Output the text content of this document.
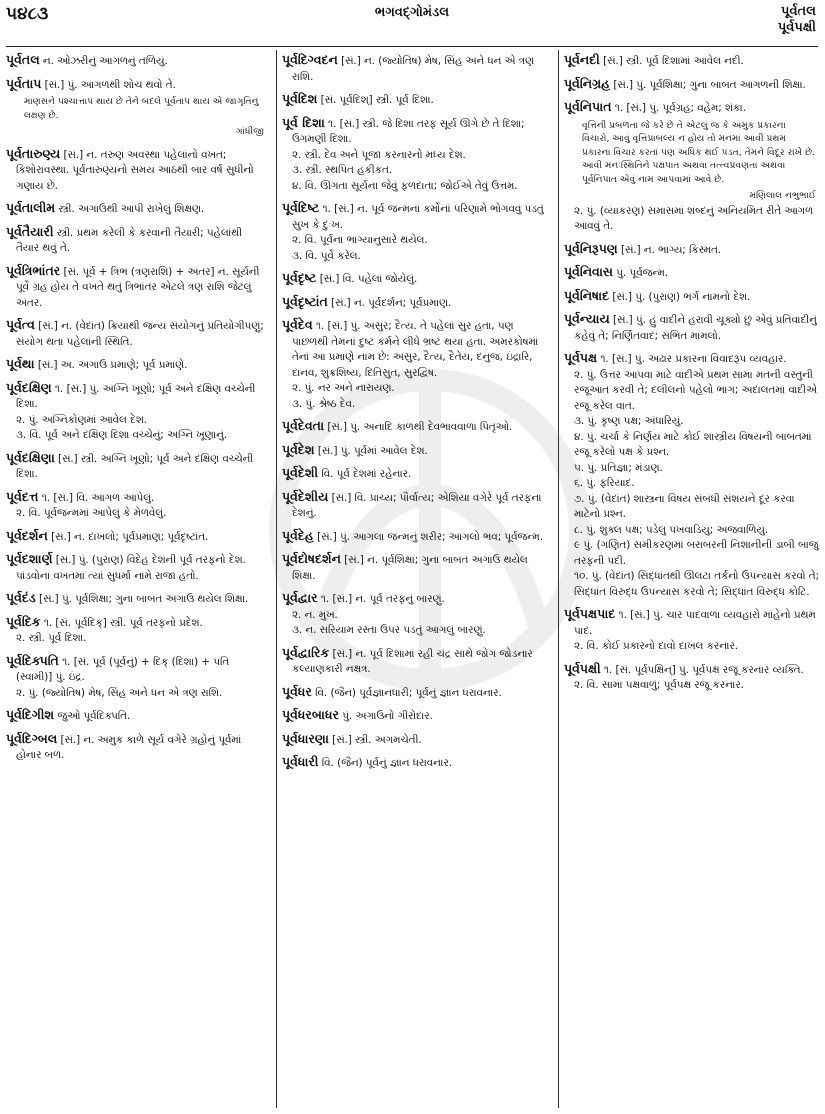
૫૪૮૩	ભગવદ્ગોમંડલ	પૂર્વતલ
પૂર્વપક્ષી
પૂર્વતલ ન. ઓઝરીનું આગળનું તળિયું.
પૂર્વતાપ [સં.] પું. આગળથી શોચ થવો તે.
માણસને પશ્ચાત્તાપ થાય છે તેને બદલે પૂર્વતાપ થાય એ જાગૃતિનું લક્ષણ છે.
ગાંધીજી
પૂર્વતારુણ્ય [સં.] ન. તરુણ અવસ્થા પહેલાંનો વખત; કિશોરાવસ્થા. પૂર્વતારુણ્યનો સમય આઠથી બાર વર્ષ સુધીનો ગણાય છે.
પૂર્વતાલીમ સ્ત્રી. અગાઉથી આપી રાખેલું શિક્ષણ.
પૂર્વતૈયારી સ્ત્રી. પ્રથમ કરેલી કે કરવાની તૈયારી; પહેલાંથી તૈયાર થવું તે.
પૂર્વત્રિભાંતર [સં. પૂર્વ + ત્રિભ (ત્રણરાશિ) + અંતર] ન. સૂર્યની પૂર્વે ગ્રહ હોય તે વખતે થતું ત્રિભાંતર એટલે ત્રણ રાશિ જેટલું અંતર.
પૂર્વત્વ [સં.] ન. (વેદાંત) ક્રિયાથી જન્ય સંયોગનું પ્રતિયોગીપણું; સંયોગ થતા પહેલાંની સ્થિતિ.
પૂર્વથા [સં.] અ. અગાઉ પ્રમાણે; પૂર્વ પ્રમાણે.
પૂર્વદક્ષિણ ૧. [સં.] પું. અગ્નિ ખૂણો; પૂર્વ અને દક્ષિણ વચ્ચેની દિશા.
૨. પું. અગ્નિકોણમાં આવેલ દેશ.
૩. વિ. પૂર્વ અને દક્ષિણ દિશા વચ્ચેનું; અગ્નિ ખૂણાનું.
પૂર્વદક્ષિણા [સં.] સ્ત્રી. અગ્નિ ખૂણો; પૂર્વ અને દક્ષિણ વચ્ચેની દિશા.
પૂર્વદત્ત ૧. [સં.] વિ. આગળ આપેલું.
૨. વિ. પૂર્વજન્મમાં આપેલું કે મેળવેલું.
પૂર્વદર્શન [સં.] ન. દાખલો; પૂર્વપ્રમાણ; પૂર્વદૃષ્ટાંત.
પૂર્વદશાર્ણ [સં.] પું. (પુરાણ) વિદેહ દેશની પૂર્વ તરફનો દેશ. પાંડવોના વખતમાં ત્યાં સુધર્મા નામે રાજા હતો.
પૂર્વદંડ [સં.] પું. પૂર્વશિક્ષા; ગુના બાબત અગાઉ થયેલ શિક્ષા.
પૂર્વદિક ૧. [સં. પૂર્વદિક્] સ્ત્રી. પૂર્વ તરફનો પ્રદેશ.
૨. સ્ત્રી. પૂર્વ દિશા.
પૂર્વદિક્પતિ ૧. [સં. પૂર્વ (પૂર્વનું) + દિક્ (દિશા) + પતિ (સ્વામી)] પું. ઇંદ્ર.
૨. પું. (જ્યોતિષ) મેષ, સિંહ અને ધન એ ત્રણ રાશિ.
પૂર્વદિગીશ જુઓ પૂર્વદિક્પતિ.
પૂર્વદિગ્બલ [સં.] ન. અમુક કાળે સૂર્ય વગેરે ગ્રહોનું પૂર્વમાં હોનાર બળ.
પૂર્વદિગ્વદન [સં.] ન. (જ્યોતિષ) મેષ, સિંહ અને ધન એ ત્રણ રાશિ.
પૂર્વદિશ [સં. પૂર્વદિશ્] સ્ત્રી. પૂર્વ દિશા.
પૂર્વ દિશા ૧. [સં.] સ્ત્રી. જે દિશા તરફ સૂર્ય ઊગે છે તે દિશા; ઉગમણી દિશા.
૨. સ્ત્રી. દેવ અને પૂજા કરનારનો મધ્ય દેશ.
૩. સ્ત્રી. સ્થપિત હકીકત.
૪. વિ. ઊગતા સૂર્યના જેવું ફળદાતા; જોઈએ તેવું ઉત્તમ.
પૂર્વદિષ્ટ ૧. [સં.] ન. પૂર્વ જન્મનાં કર્મોનાં પરિણામે ભોગવવું પડતું સુખ કે દુઃખ.
૨. વિ. પૂર્વના ભાગ્યાનુસારે થયેલ.
૩. વિ. પૂર્વે કરેલ.
પૂર્વદૃષ્ટ [સં.] વિ. પહેલાં જોયેલું.
પૂર્વદૃષ્ટાંત [સં.] ન. પૂર્વદર્શન; પૂર્વપ્રમાણ.
પૂર્વદેવ ૧. [સં.] પું. અસુર; દૈત્ય. તે પહેલાં સુર હતા, પણ પાછળથી તેમનાં દુષ્ટ કર્મને લીધે ભ્રષ્ટ થયા હતા. અમરકોષમાં તેનાં આ પ્રમાણે નામ છે: અસુર, દૈત્ય, દૈતેય, દનુજ, ઇંદ્રારિ, દાનવ, શુક્રશિષ્ય, દિતિસુત, સુરદ્વિષ.
૨. પું. નર અને નારાયણ.
૩. પું. શ્રેષ્ઠ દેવ.
પૂર્વદેવતા [સં.] પું. અનાદિ કાળથી દેવભાવવાળા પિતૃઓ.
પૂર્વદેશ [સં.] પું. પૂર્વમાં આવેલ દેશ.
પૂર્વદેશી વિ. પૂર્વ દેશમાં રહેનાર.
પૂર્વદેશીય [સં.] વિ. પ્રાચ્ય; પૌર્વાત્ય; એશિયા વગેરે પૂર્વ તરફના દેશનું.
પૂર્વદેહ [સં.] પું. આગલા જન્મનું શરીર; આગલો ભવ; પૂર્વજન્મ.
પૂર્વદોષદર્શન [સં.] ન. પૂર્વશિક્ષા; ગુના બાબત અગાઉ થયેલ શિક્ષા.
પૂર્વદ્વાર ૧. [સં.] ન. પૂર્વ તરફનું બારણું.
૨. ન. મુખ.
૩. ન. સરિયામ રસ્તા ઉપર પડતું આગલું બારણું.
પૂર્વદ્વારિક [સં.] ન. પૂર્વ દિશામાં રહી ચંદ્ર સાથે જોગ જોડનાર કલ્યાણકારી નક્ષત્ર.
પૂર્વધર વિ. (જૈન) પૂર્વજ્ઞાનધારી; પૂર્વનું જ્ઞાન ધરાવનાર.
પૂર્વધરબાધર પું. અગાઉનો ગીરોદાર.
પૂર્વધારણા [સં.] સ્ત્રી. અગમચેતી.
પૂર્વધારી વિ. (જૈન) પૂર્વનું જ્ઞાન ધરાવનાર.
પૂર્વનદી [સં.] સ્ત્રી. પૂર્વ દિશામાં આવેલ નદી.
પૂર્વનિગ્રહ [સં.] પું. પૂર્વશિક્ષા; ગુના બાબત આગળની શિક્ષા.
પૂર્વનિપાત ૧. [સં.] પું. પૂર્વગ્રહ; વહેમ; શંકા.
વૃત્તિની પ્રબળતા જે કરે છે તે એટલું જ કે અમુક પ્રકારના વિચારો, આવું વૃત્તિપ્રાબલ્ય ન હોય તો મનમાં આવી પ્રથમ પ્રકારના વિચાર કરતાં પણ અધિક થઈ પડત, તેમને વિદૂર રાખે છે. આવી મનઃસ્થિતિને પક્ષપાત અથવા તત્ત્વપ્રવણતા અથવા પૂર્વનિપાત એવું નામ આપવામાં આવે છે.
મણિલાલ નભુભાઈ
૨. પું. (વ્યાકરણ) સમાસમાં શબ્દનું અનિયમિત રીતે આગળ આવવું તે.
પૂર્વનિરૂપણ [સં.] ન. ભાગ્ય; કિસ્મત.
પૂર્વનિવાસ પું. પૂર્વજન્મ.
પૂર્વનિષાદ [સં.] પું. (પુરાણ) ભર્ગ નામનો દેશ.
પૂર્વન્યાય [સં.] પું. હું વાદીને હરાવી ચૂક્યો છું એવું પ્રતિવાદીનું કહેવું તે; નિર્ણિતવાદ; સંભિત મામલો.
પૂર્વપક્ષ ૧. [સં.] પું. અઢાર પ્રકારના વિવાદરૂપ વ્યવહાર.
૨. પું. ઉત્તર આપવા માટે વાદીએ પ્રથમ સામા મતની વસ્તુની રજૂઆત કરવી તે; દલીલનો પહેલો ભાગ; અદાલતમાં વાદીએ રજૂ કરેલ વાત.
૩. પું. કૃષ્ણ પક્ષ; અંધારિયું.
૪. પું. ચર્ચા કે નિર્ણય માટે કોઈ શાસ્ત્રીય વિષયની બાબતમાં રજૂ કરેલો પક્ષ કે પ્રશ્ન.
૫. પું. પ્રતિજ્ઞા; મંડાણ.
૬. પું. ફરિયાદ.
૭. પું. (વેદાંત) શાસ્ત્રના વિષય સંબંધી સંશયને દૂર કરવા માટેનો પ્રશ્ન.
૮. પું. શુક્લ પક્ષ; પડેલું પખવાડિયું; અજવાળિયું.
૯ પું. (ગણિત) સમીકરણમાં બરાબરની નિશાનીની ડાબી બાજુ તરફની પદી.
૧૦. પું. (વેદાંત) સિદ્ધાંતથી ઊલટા તર્કનો ઉપન્યાસ કરવો તે; સિદ્ધાંત વિરુદ્ધ ઉપન્યાસ કરવો તે; સિદ્ધાંત વિરુદ્ધ કોટિ.
પૂર્વપક્ષપાદ ૧. [સં.] પું. ચાર પાદવાળા વ્યવહારો માંહેનો પ્રથમ પાદ.
૨. વિ. કોઈ પ્રકારનો દાવો દાખલ કરનાર.
પૂર્વપક્ષી ૧. [સં. પૂર્વપક્ષિન્] પું. પૂર્વપક્ષ રજૂ કરનાર વ્યક્તિ.
૨. વિ. સામા પક્ષવાળું; પૂર્વપક્ષ રજૂ કરનાર.
